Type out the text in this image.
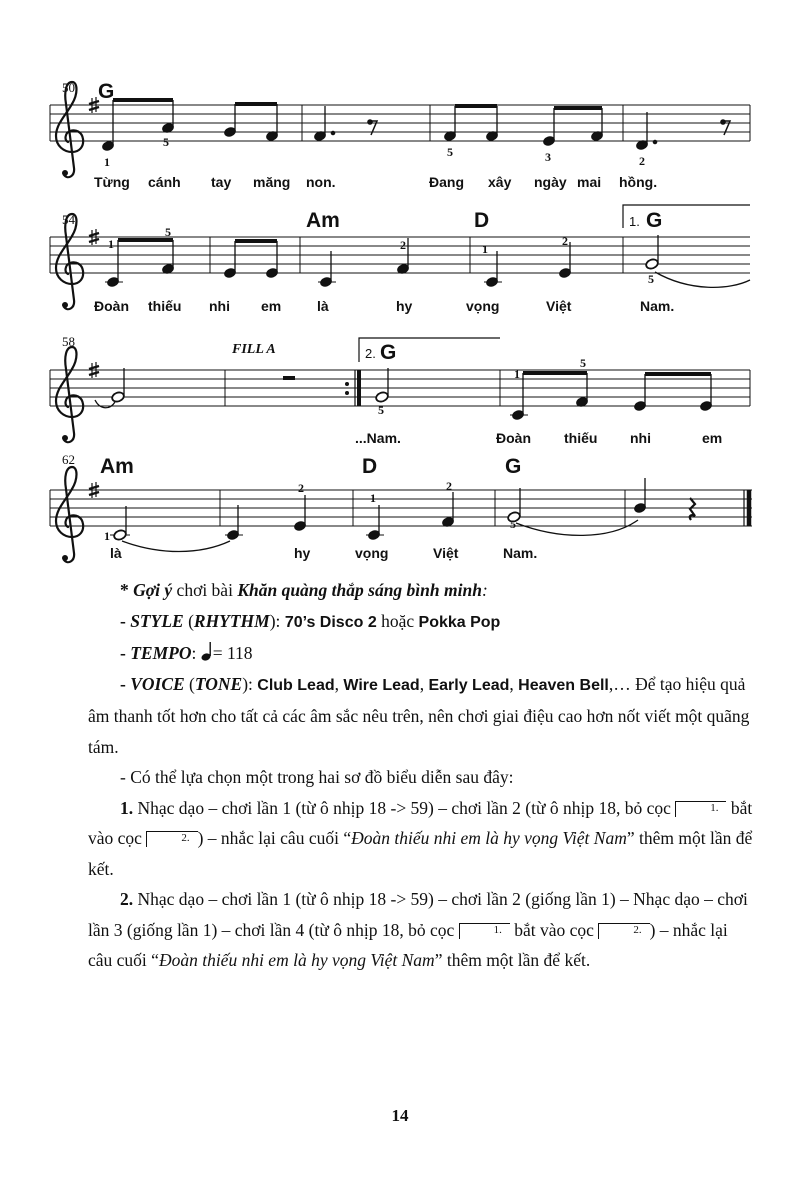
1
5
5	3	2
1
5
2	1
2
5
5
1
5
1
2
1
2
5
50
54
58
62
G
Am	D	1. G
FILL A	2. G
Am	D	G
Từng cánh tay măng non.	Đang xây ngày mai hồng.
Đoàn thiếu nhi em	là	hy	vọng	Việt	Nam.
...Nam.	Đoàn thiếu nhi	em
là	hy	vọng	Việt	Nam.

* Gợi ý chơi bài Khăn quàng thắp sáng bình minh:

- STYLE (RHYTHM): 70’s Disco 2 hoặc Pokka Pop

- TEMPO: = 118

- VOICE (TONE): Club Lead, Wire Lead, Early Lead, Heaven Bell,… Để tạo hiệu quả âm thanh tốt hơn cho tất cả các âm sắc nêu trên, nên chơi giai điệu cao hơn nốt viết một quãng tám.

- Có thể lựa chọn một trong hai sơ đồ biểu diễn sau đây:

1. Nhạc dạo – chơi lần 1 (từ ô nhịp 18 -> 59) – chơi lần 2 (từ ô nhịp 18, bỏ cọc	1. bắt vào cọc	2. ) – nhắc lại câu cuối “Đoàn thiếu nhi em là hy vọng Việt Nam” thêm một lần để kết.

2. Nhạc dạo – chơi lần 1 (từ ô nhịp 18 -> 59) – chơi lần 2 (giống lần 1) – Nhạc dạo – chơi lần 3 (giống lần 1) – chơi lần 4 (từ ô nhịp 18, bỏ cọc	1. bắt vào cọc	2. ) – nhắc lại câu cuối “Đoàn thiếu nhi em là hy vọng Việt Nam” thêm một lần để kết.

14
